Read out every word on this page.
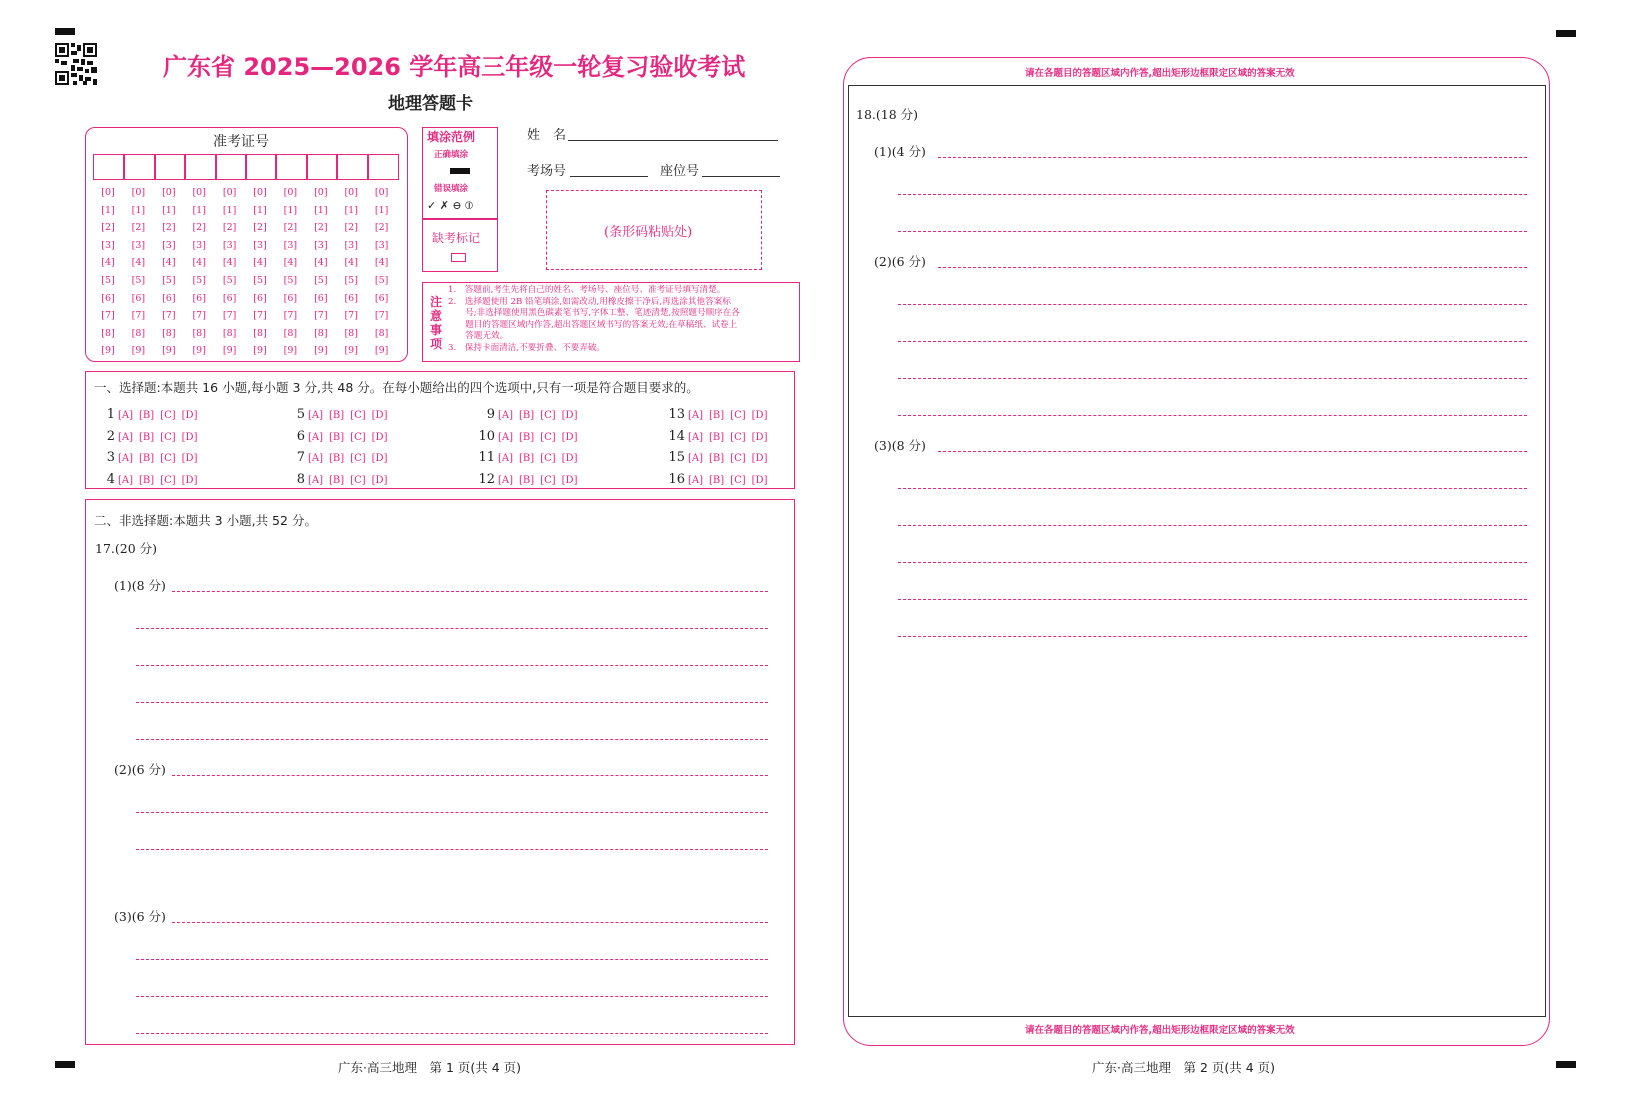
广东省 2025—2026 学年高三年级一轮复习验收考试
地理答题卡
准考证号
[0]
[1]
[2]
[3]
[4]
[5]
[6]
[7]
[8]
[9]
[0]
[1]
[2]
[3]
[4]
[5]
[6]
[7]
[8]
[9]
[0]
[1]
[2]
[3]
[4]
[5]
[6]
[7]
[8]
[9]
[0]
[1]
[2]
[3]
[4]
[5]
[6]
[7]
[8]
[9]
[0]
[1]
[2]
[3]
[4]
[5]
[6]
[7]
[8]
[9]
[0]
[1]
[2]
[3]
[4]
[5]
[6]
[7]
[8]
[9]
[0]
[1]
[2]
[3]
[4]
[5]
[6]
[7]
[8]
[9]
[0]
[1]
[2]
[3]
[4]
[5]
[6]
[7]
[8]
[9]
[0]
[1]
[2]
[3]
[4]
[5]
[6]
[7]
[8]
[9]
[0]
[1]
[2]
[3]
[4]
[5]
[6]
[7]
[8]
[9]
填涂范例
正确填涂
错误填涂
✓ ✗ ⊖ ⦶
缺考标记
姓　名
考场号	座位号
(条形码粘贴处)
注
意
事
项
1.　答题前,考生先将自己的姓名、考场号、座位号、准考证号填写清楚。
2.　选择题使用 2B 铅笔填涂,如需改动,用橡皮擦干净后,再选涂其他答案标
　　号;非选择题使用黑色碳素笔书写,字体工整、笔迹清楚,按照题号顺序在各
　　题目的答题区域内作答,超出答题区域书写的答案无效;在草稿纸、试卷上
　　答题无效。
3.　保持卡面清洁,不要折叠、不要弄破。
一、选择题:本题共 16 小题,每小题 3 分,共 48 分。在每小题给出的四个选项中,只有一项是符合题目要求的。
1 [A] [B] [C] [D]
2 [A] [B] [C] [D]
3 [A] [B] [C] [D]
4 [A] [B] [C] [D]
5 [A] [B] [C] [D]
6 [A] [B] [C] [D]
7 [A] [B] [C] [D]
8 [A] [B] [C] [D]
9 [A] [B] [C] [D]
10 [A] [B] [C] [D]
11 [A] [B] [C] [D]
12 [A] [B] [C] [D]
13 [A] [B] [C] [D]
14 [A] [B] [C] [D]
15 [A] [B] [C] [D]
16 [A] [B] [C] [D]
二、非选择题:本题共 3 小题,共 52 分。
17.(20 分)
(1)(8 分)
(2)(6 分)
(3)(6 分)
广东·高三地理　第 1 页(共 4 页)
请在各题目的答题区域内作答,超出矩形边框限定区域的答案无效
请在各题目的答题区域内作答,超出矩形边框限定区域的答案无效
18.(18 分)
(1)(4 分)
(2)(6 分)
(3)(8 分)
广东·高三地理　第 2 页(共 4 页)
